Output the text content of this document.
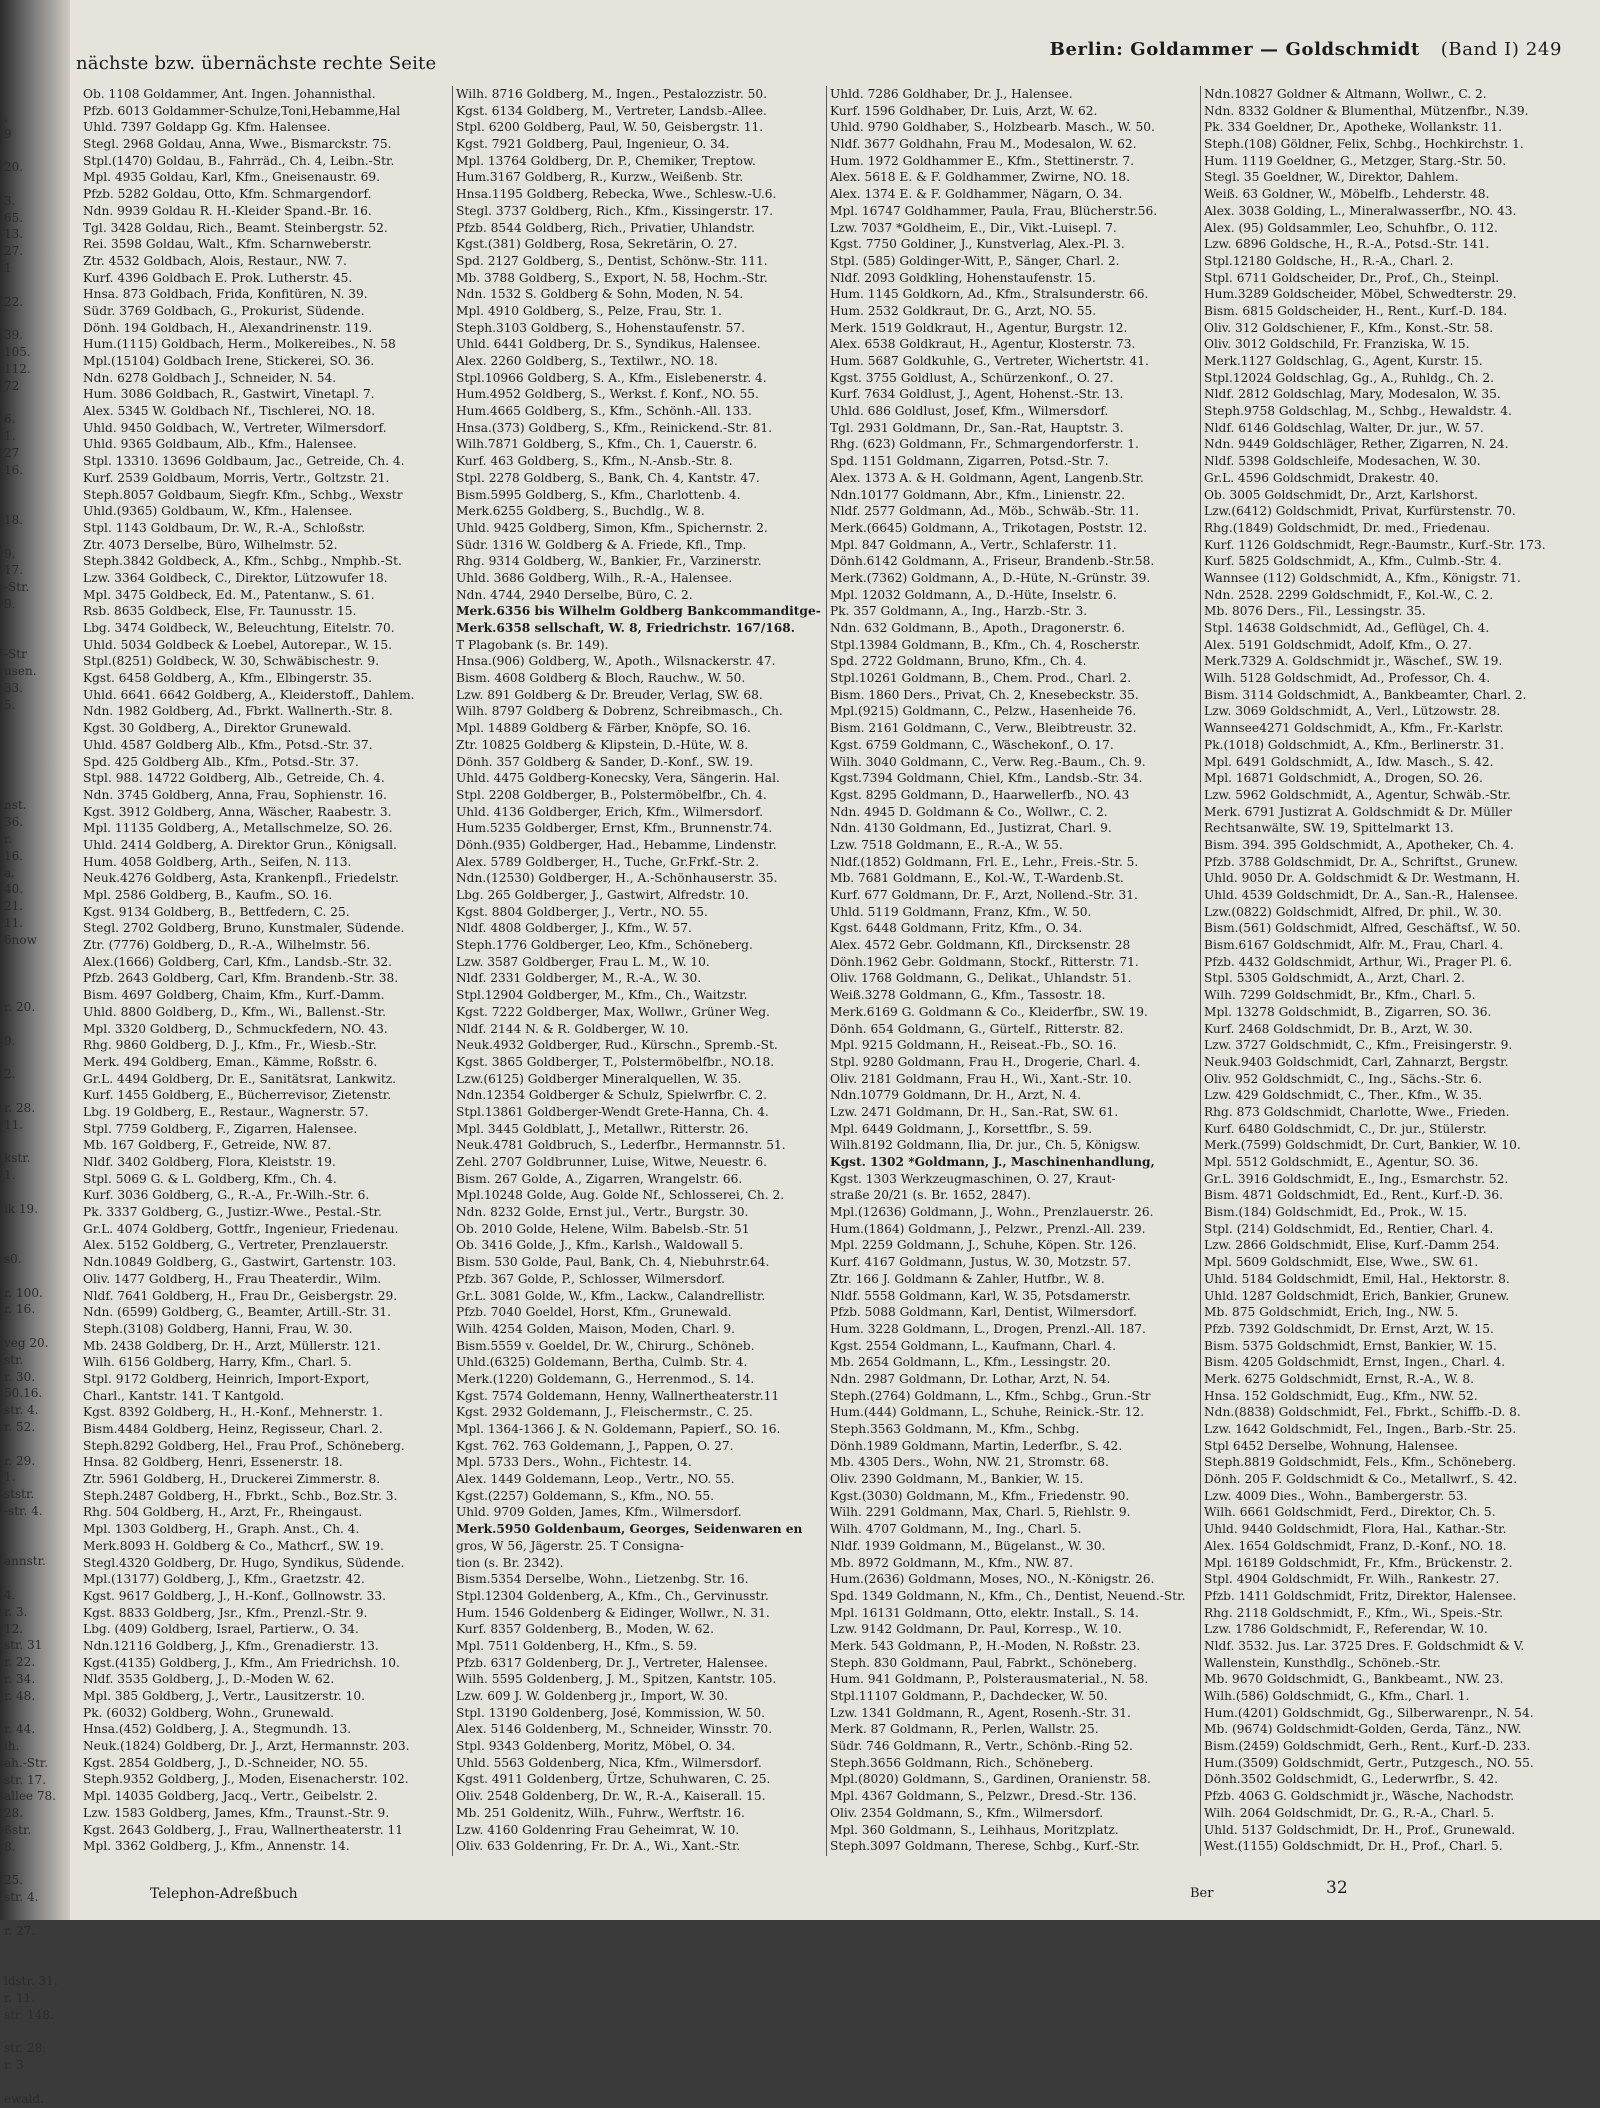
,
9
20.
3.
65.
13.
27.
1
22.
39.
105.
112.
72
6.
1.
27
16.
18.
9.
17.
-Str.
9.
-Str
usen.
33.
5.
nst.
36.
r.
16.
a.
40.
21.
11.
6now
r. 20.
9.
2.
r. 28.
11.
kstr.
1.
ik 19.
s0.
r. 100.
r. 16.
veg 20.
str.
r. 30.
50.16.
str. 4.
r. 52.
r. 29.
1.
ststr.
-str. 4.
annstr.
4.
r. 3.
12.
str. 31
r. 22.
r. 34.
r. 48.
r. 44.
ih.
ah.-Str.
str. 17.
allee 78.
28.
ßstr.
8.
25.
str. 4.
r. 27.
ldstr. 31.
r. 11.
str. 148.
str. 28.
r. 3
ewald.
nächste bzw. übernächste rechte Seite
Berlin: Goldammer — Goldschmidt (Band I) 249
Ob. 1108 Goldammer, Ant. Ingen. Johannisthal.
Pfzb. 6013 Goldammer-Schulze,Toni,Hebamme,Hal
Uhld. 7397 Goldapp Gg. Kfm. Halensee.
Stegl. 2968 Goldau, Anna, Wwe., Bismarckstr. 75.
Stpl.(1470) Goldau, B., Fahrräd., Ch. 4, Leibn.-Str.
Mpl. 4935 Goldau, Karl, Kfm., Gneisenaustr. 69.
Pfzb. 5282 Goldau, Otto, Kfm. Schmargendorf.
Ndn. 9939 Goldau R. H.-Kleider Spand.-Br. 16.
Tgl. 3428 Goldau, Rich., Beamt. Steinbergstr. 52.
Rei. 3598 Goldau, Walt., Kfm. Scharnweberstr.
Ztr. 4532 Goldbach, Alois, Restaur., NW. 7.
Kurf. 4396 Goldbach E. Prok. Lutherstr. 45.
Hnsa. 873 Goldbach, Frida, Konfitüren, N. 39.
Südr. 3769 Goldbach, G., Prokurist, Südende.
Dönh. 194 Goldbach, H., Alexandrinenstr. 119.
Hum.(1115) Goldbach, Herm., Molkereibes., N. 58
Mpl.(15104) Goldbach Irene, Stickerei, SO. 36.
Ndn. 6278 Goldbach J., Schneider, N. 54.
Hum. 3086 Goldbach, R., Gastwirt, Vinetapl. 7.
Alex. 5345 W. Goldbach Nf., Tischlerei, NO. 18.
Uhld. 9450 Goldbach, W., Vertreter, Wilmersdorf.
Uhld. 9365 Goldbaum, Alb., Kfm., Halensee.
Stpl. 13310. 13696 Goldbaum, Jac., Getreide, Ch. 4.
Kurf. 2539 Goldbaum, Morris, Vertr., Goltzstr. 21.
Steph.8057 Goldbaum, Siegfr. Kfm., Schbg., Wexstr
Uhld.(9365) Goldbaum, W., Kfm., Halensee.
Stpl. 1143 Goldbaum, Dr. W., R.-A., Schloßstr.
Ztr. 4073 Derselbe, Büro, Wilhelmstr. 52.
Steph.3842 Goldbeck, A., Kfm., Schbg., Nmphb.-St.
Lzw. 3364 Goldbeck, C., Direktor, Lützowufer 18.
Mpl. 3475 Goldbeck, Ed. M., Patentanw., S. 61.
Rsb. 8635 Goldbeck, Else, Fr. Taunusstr. 15.
Lbg. 3474 Goldbeck, W., Beleuchtung, Eitelstr. 70.
Uhld. 5034 Goldbeck & Loebel, Autorepar., W. 15.
Stpl.(8251) Goldbeck, W. 30, Schwäbischestr. 9.
Kgst. 6458 Goldberg, A., Kfm., Elbingerstr. 35.
Uhld. 6641. 6642 Goldberg, A., Kleiderstoff., Dahlem.
Ndn. 1982 Goldberg, Ad., Fbrkt. Wallnerth.-Str. 8.
Kgst. 30 Goldberg, A., Direktor Grunewald.
Uhld. 4587 Goldberg Alb., Kfm., Potsd.-Str. 37.
Spd. 425 Goldberg Alb., Kfm., Potsd.-Str. 37.
Stpl. 988. 14722 Goldberg, Alb., Getreide, Ch. 4.
Ndn. 3745 Goldberg, Anna, Frau, Sophienstr. 16.
Kgst. 3912 Goldberg, Anna, Wäscher, Raabestr. 3.
Mpl. 11135 Goldberg, A., Metallschmelze, SO. 26.
Uhld. 2414 Goldberg, A. Direktor Grun., Königsall.
Hum. 4058 Goldberg, Arth., Seifen, N. 113.
Neuk.4276 Goldberg, Asta, Krankenpfl., Friedelstr.
Mpl. 2586 Goldberg, B., Kaufm., SO. 16.
Kgst. 9134 Goldberg, B., Bettfedern, C. 25.
Stegl. 2702 Goldberg, Bruno, Kunstmaler, Südende.
Ztr. (7776) Goldberg, D., R.-A., Wilhelmstr. 56.
Alex.(1666) Goldberg, Carl, Kfm., Landsb.-Str. 32.
Pfzb. 2643 Goldberg, Carl, Kfm. Brandenb.-Str. 38.
Bism. 4697 Goldberg, Chaim, Kfm., Kurf.-Damm.
Uhld. 8800 Goldberg, D., Kfm., Wi., Ballenst.-Str.
Mpl. 3320 Goldberg, D., Schmuckfedern, NO. 43.
Rhg. 9860 Goldberg, D. J., Kfm., Fr., Wiesb.-Str.
Merk. 494 Goldberg, Eman., Kämme, Roßstr. 6.
Gr.L. 4494 Goldberg, Dr. E., Sanitätsrat, Lankwitz.
Kurf. 1455 Goldberg, E., Bücherrevisor, Zietenstr.
Lbg. 19 Goldberg, E., Restaur., Wagnerstr. 57.
Stpl. 7759 Goldberg, F., Zigarren, Halensee.
Mb. 167 Goldberg, F., Getreide, NW. 87.
Nldf. 3402 Goldberg, Flora, Kleiststr. 19.
Stpl. 5069 G. & L. Goldberg, Kfm., Ch. 4.
Kurf. 3036 Goldberg, G., R.-A., Fr.-Wilh.-Str. 6.
Pk. 3337 Goldberg, G., Justizr.-Wwe., Pestal.-Str.
Gr.L. 4074 Goldberg, Gottfr., Ingenieur, Friedenau.
Alex. 5152 Goldberg, G., Vertreter, Prenzlauerstr.
Ndn.10849 Goldberg, G., Gastwirt, Gartenstr. 103.
Oliv. 1477 Goldberg, H., Frau Theaterdir., Wilm.
Nldf. 7641 Goldberg, H., Frau Dr., Geisbergstr. 29.
Ndn. (6599) Goldberg, G., Beamter, Artill.-Str. 31.
Steph.(3108) Goldberg, Hanni, Frau, W. 30.
Mb. 2438 Goldberg, Dr. H., Arzt, Müllerstr. 121.
Wilh. 6156 Goldberg, Harry, Kfm., Charl. 5.
Stpl. 9172 Goldberg, Heinrich, Import-Export,
Charl., Kantstr. 141. T Kantgold.
Kgst. 8392 Goldberg, H., H.-Konf., Mehnerstr. 1.
Bism.4484 Goldberg, Heinz, Regisseur, Charl. 2.
Steph.8292 Goldberg, Hel., Frau Prof., Schöneberg.
Hnsa. 82 Goldberg, Henri, Essenerstr. 18.
Ztr. 5961 Goldberg, H., Druckerei Zimmerstr. 8.
Steph.2487 Goldberg, H., Fbrkt., Schb., Boz.Str. 3.
Rhg. 504 Goldberg, H., Arzt, Fr., Rheingaust.
Mpl. 1303 Goldberg, H., Graph. Anst., Ch. 4.
Merk.8093 H. Goldberg & Co., Mathcrf., SW. 19.
Stegl.4320 Goldberg, Dr. Hugo, Syndikus, Südende.
Mpl.(13177) Goldberg, J., Kfm., Graetzstr. 42.
Kgst. 9617 Goldberg, J., H.-Konf., Gollnowstr. 33.
Kgst. 8833 Goldberg, Jsr., Kfm., Prenzl.-Str. 9.
Lbg. (409) Goldberg, Israel, Partierw., O. 34.
Ndn.12116 Goldberg, J., Kfm., Grenadierstr. 13.
Kgst.(4135) Goldberg, J., Kfm., Am Friedrichsh. 10.
Nldf. 3535 Goldberg, J., D.-Moden W. 62.
Mpl. 385 Goldberg, J., Vertr., Lausitzerstr. 10.
Pk. (6032) Goldberg, Wohn., Grunewald.
Hnsa.(452) Goldberg, J. A., Stegmundh. 13.
Neuk.(1824) Goldberg, Dr. J., Arzt, Hermannstr. 203.
Kgst. 2854 Goldberg, J., D.-Schneider, NO. 55.
Steph.9352 Goldberg, J., Moden, Eisenacherstr. 102.
Mpl. 14035 Goldberg, Jacq., Vertr., Geibelstr. 2.
Lzw. 1583 Goldberg, James, Kfm., Traunst.-Str. 9.
Kgst. 2643 Goldberg, J., Frau, Wallnertheaterstr. 11
Mpl. 3362 Goldberg, J., Kfm., Annenstr. 14.
Wilh. 8716 Goldberg, M., Ingen., Pestalozzistr. 50.
Kgst. 6134 Goldberg, M., Vertreter, Landsb.-Allee.
Stpl. 6200 Goldberg, Paul, W. 50, Geisbergstr. 11.
Kgst. 7921 Goldberg, Paul, Ingenieur, O. 34.
Mpl. 13764 Goldberg, Dr. P., Chemiker, Treptow.
Hum.3167 Goldberg, R., Kurzw., Weißenb. Str.
Hnsa.1195 Goldberg, Rebecka, Wwe., Schlesw.-U.6.
Stegl. 3737 Goldberg, Rich., Kfm., Kissingerstr. 17.
Pfzb. 8544 Goldberg, Rich., Privatier, Uhlandstr.
Kgst.(381) Goldberg, Rosa, Sekretärin, O. 27.
Spd. 2127 Goldberg, S., Dentist, Schönw.-Str. 111.
Mb. 3788 Goldberg, S., Export, N. 58, Hochm.-Str.
Ndn. 1532 S. Goldberg & Sohn, Moden, N. 54.
Mpl. 4910 Goldberg, S., Pelze, Frau, Str. 1.
Steph.3103 Goldberg, S., Hohenstaufenstr. 57.
Uhld. 6441 Goldberg, Dr. S., Syndikus, Halensee.
Alex. 2260 Goldberg, S., Textilwr., NO. 18.
Stpl.10966 Goldberg, S. A., Kfm., Eislebenerstr. 4.
Hum.4952 Goldberg, S., Werkst. f. Konf., NO. 55.
Hum.4665 Goldberg, S., Kfm., Schönh.-All. 133.
Hnsa.(373) Goldberg, S., Kfm., Reinickend.-Str. 81.
Wilh.7871 Goldberg, S., Kfm., Ch. 1, Cauerstr. 6.
Kurf. 463 Goldberg, S., Kfm., N.-Ansb.-Str. 8.
Stpl. 2278 Goldberg, S., Bank, Ch. 4, Kantstr. 47.
Bism.5995 Goldberg, S., Kfm., Charlottenb. 4.
Merk.6255 Goldberg, S., Buchdlg., W. 8.
Uhld. 9425 Goldberg, Simon, Kfm., Spichernstr. 2.
Südr. 1316 W. Goldberg & A. Friede, Kfl., Tmp.
Rhg. 9314 Goldberg, W., Bankier, Fr., Varzinerstr.
Uhld. 3686 Goldberg, Wilh., R.-A., Halensee.
Ndn. 4744, 2940 Derselbe, Büro, C. 2.
Merk.6356 bis Wilhelm Goldberg Bankcommanditge-
Merk.6358 sellschaft, W. 8, Friedrichstr. 167/168.
T Plagobank (s. Br. 149).
Hnsa.(906) Goldberg, W., Apoth., Wilsnackerstr. 47.
Bism. 4608 Goldberg & Bloch, Rauchw., W. 50.
Lzw. 891 Goldberg & Dr. Breuder, Verlag, SW. 68.
Wilh. 8797 Goldberg & Dobrenz, Schreibmasch., Ch.
Mpl. 14889 Goldberg & Färber, Knöpfe, SO. 16.
Ztr. 10825 Goldberg & Klipstein, D.-Hüte, W. 8.
Dönh. 357 Goldberg & Sander, D.-Konf., SW. 19.
Uhld. 4475 Goldberg-Konecsky, Vera, Sängerin. Hal.
Stpl. 2208 Goldberger, B., Polstermöbelfbr., Ch. 4.
Uhld. 4136 Goldberger, Erich, Kfm., Wilmersdorf.
Hum.5235 Goldberger, Ernst, Kfm., Brunnenstr.74.
Dönh.(935) Goldberger, Had., Hebamme, Lindenstr.
Alex. 5789 Goldberger, H., Tuche, Gr.Frkf.-Str. 2.
Ndn.(12530) Goldberger, H., A.-Schönhauserstr. 35.
Lbg. 265 Goldberger, J., Gastwirt, Alfredstr. 10.
Kgst. 8804 Goldberger, J., Vertr., NO. 55.
Nldf. 4808 Goldberger, J., Kfm., W. 57.
Steph.1776 Goldberger, Leo, Kfm., Schöneberg.
Lzw. 3587 Goldberger, Frau L. M., W. 10.
Nldf. 2331 Goldberger, M., R.-A., W. 30.
Stpl.12904 Goldberger, M., Kfm., Ch., Waitzstr.
Kgst. 7222 Goldberger, Max, Wollwr., Grüner Weg.
Nldf. 2144 N. & R. Goldberger, W. 10.
Neuk.4932 Goldberger, Rud., Kürschn., Spremb.-St.
Kgst. 3865 Goldberger, T., Polstermöbelfbr., NO.18.
Lzw.(6125) Goldberger Mineralquellen, W. 35.
Ndn.12354 Goldberger & Schulz, Spielwrfbr. C. 2.
Stpl.13861 Goldberger-Wendt Grete-Hanna, Ch. 4.
Mpl. 3445 Goldblatt, J., Metallwr., Ritterstr. 26.
Neuk.4781 Goldbruch, S., Lederfbr., Hermannstr. 51.
Zehl. 2707 Goldbrunner, Luise, Witwe, Neuestr. 6.
Bism. 267 Golde, A., Zigarren, Wrangelstr. 66.
Mpl.10248 Golde, Aug. Golde Nf., Schlosserei, Ch. 2.
Ndn. 8232 Golde, Ernst jul., Vertr., Burgstr. 30.
Ob. 2010 Golde, Helene, Wilm. Babelsb.-Str. 51
Ob. 3416 Golde, J., Kfm., Karlsh., Waldowall 5.
Bism. 530 Golde, Paul, Bank, Ch. 4, Niebuhrstr.64.
Pfzb. 367 Golde, P., Schlosser, Wilmersdorf.
Gr.L. 3081 Golde, W., Kfm., Lackw., Calandrellistr.
Pfzb. 7040 Goeldel, Horst, Kfm., Grunewald.
Wilh. 4254 Golden, Maison, Moden, Charl. 9.
Bism.5559 v. Goeldel, Dr. W., Chirurg., Schöneb.
Uhld.(6325) Goldemann, Bertha, Culmb. Str. 4.
Merk.(1220) Goldemann, G., Herrenmod., S. 14.
Kgst. 7574 Goldemann, Henny, Wallnertheaterstr.11
Kgst. 2932 Goldemann, J., Fleischermstr., C. 25.
Mpl. 1364-1366 J. & N. Goldemann, Papierf., SO. 16.
Kgst. 762. 763 Goldemann, J., Pappen, O. 27.
Mpl. 5733 Ders., Wohn., Fichtestr. 14.
Alex. 1449 Goldemann, Leop., Vertr., NO. 55.
Kgst.(2257) Goldemann, S., Kfm., NO. 55.
Uhld. 9709 Golden, James, Kfm., Wilmersdorf.
Merk.5950 Goldenbaum, Georges, Seidenwaren en
gros, W 56, Jägerstr. 25. T Consigna-
tion (s. Br. 2342).
Bism.5354 Derselbe, Wohn., Lietzenbg. Str. 16.
Stpl.12304 Goldenberg, A., Kfm., Ch., Gervinusstr.
Hum. 1546 Goldenberg & Eidinger, Wollwr., N. 31.
Kurf. 8357 Goldenberg, B., Moden, W. 62.
Mpl. 7511 Goldenberg, H., Kfm., S. 59.
Pfzb. 6317 Goldenberg, Dr. J., Vertreter, Halensee.
Wilh. 5595 Goldenberg, J. M., Spitzen, Kantstr. 105.
Lzw. 609 J. W. Goldenberg jr., Import, W. 30.
Stpl. 13190 Goldenberg, José, Kommission, W. 50.
Alex. 5146 Goldenberg, M., Schneider, Winsstr. 70.
Stpl. 9343 Goldenberg, Moritz, Möbel, O. 34.
Uhld. 5563 Goldenberg, Nica, Kfm., Wilmersdorf.
Kgst. 4911 Goldenberg, Ürtze, Schuhwaren, C. 25.
Oliv. 2548 Goldenberg, Dr. W., R.-A., Kaiserall. 15.
Mb. 251 Goldenitz, Wilh., Fuhrw., Werftstr. 16.
Lzw. 4160 Goldenring Frau Geheimrat, W. 10.
Oliv. 633 Goldenring, Fr. Dr. A., Wi., Xant.-Str.
Uhld. 7286 Goldhaber, Dr. J., Halensee.
Kurf. 1596 Goldhaber, Dr. Luis, Arzt, W. 62.
Uhld. 9790 Goldhaber, S., Holzbearb. Masch., W. 50.
Nldf. 3677 Goldhahn, Frau M., Modesalon, W. 62.
Hum. 1972 Goldhammer E., Kfm., Stettinerstr. 7.
Alex. 5618 E. & F. Goldhammer, Zwirne, NO. 18.
Alex. 1374 E. & F. Goldhammer, Nägarn, O. 34.
Mpl. 16747 Goldhammer, Paula, Frau, Blücherstr.56.
Lzw. 7037 *Goldheim, E., Dir., Vikt.-Luisepl. 7.
Kgst. 7750 Goldiner, J., Kunstverlag, Alex.-Pl. 3.
Stpl. (585) Goldinger-Witt, P., Sänger, Charl. 2.
Nldf. 2093 Goldkling, Hohenstaufenstr. 15.
Hum. 1145 Goldkorn, Ad., Kfm., Stralsunderstr. 66.
Hum. 2532 Goldkraut, Dr. G., Arzt, NO. 55.
Merk. 1519 Goldkraut, H., Agentur, Burgstr. 12.
Alex. 6538 Goldkraut, H., Agentur, Klosterstr. 73.
Hum. 5687 Goldkuhle, G., Vertreter, Wichertstr. 41.
Kgst. 3755 Goldlust, A., Schürzenkonf., O. 27.
Kurf. 7634 Goldlust, J., Agent, Hohenst.-Str. 13.
Uhld. 686 Goldlust, Josef, Kfm., Wilmersdorf.
Tgl. 2931 Goldmann, Dr., San.-Rat, Hauptstr. 3.
Rhg. (623) Goldmann, Fr., Schmargendorferstr. 1.
Spd. 1151 Goldmann, Zigarren, Potsd.-Str. 7.
Alex. 1373 A. & H. Goldmann, Agent, Langenb.Str.
Ndn.10177 Goldmann, Abr., Kfm., Linienstr. 22.
Nldf. 2577 Goldmann, Ad., Möb., Schwäb.-Str. 11.
Merk.(6645) Goldmann, A., Trikotagen, Poststr. 12.
Mpl. 847 Goldmann, A., Vertr., Schlaferstr. 11.
Dönh.6142 Goldmann, A., Friseur, Brandenb.-Str.58.
Merk.(7362) Goldmann, A., D.-Hüte, N.-Grünstr. 39.
Mpl. 12032 Goldmann, A., D.-Hüte, Inselstr. 6.
Pk. 357 Goldmann, A., Ing., Harzb.-Str. 3.
Ndn. 632 Goldmann, B., Apoth., Dragonerstr. 6.
Stpl.13984 Goldmann, B., Kfm., Ch. 4, Roscherstr.
Spd. 2722 Goldmann, Bruno, Kfm., Ch. 4.
Stpl.10261 Goldmann, B., Chem. Prod., Charl. 2.
Bism. 1860 Ders., Privat, Ch. 2, Knesebeckstr. 35.
Mpl.(9215) Goldmann, C., Pelzw., Hasenheide 76.
Bism. 2161 Goldmann, C., Verw., Bleibtreustr. 32.
Kgst. 6759 Goldmann, C., Wäschekonf., O. 17.
Wilh. 3040 Goldmann, C., Verw. Reg.-Baum., Ch. 9.
Kgst.7394 Goldmann, Chiel, Kfm., Landsb.-Str. 34.
Kgst. 8295 Goldmann, D., Haarwellerfb., NO. 43
Ndn. 4945 D. Goldmann & Co., Wollwr., C. 2.
Ndn. 4130 Goldmann, Ed., Justizrat, Charl. 9.
Lzw. 7518 Goldmann, E., R.-A., W. 55.
Nldf.(1852) Goldmann, Frl. E., Lehr., Freis.-Str. 5.
Mb. 7681 Goldmann, E., Kol.-W., T.-Wardenb.St.
Kurf. 677 Goldmann, Dr. F., Arzt, Nollend.-Str. 31.
Uhld. 5119 Goldmann, Franz, Kfm., W. 50.
Kgst. 6448 Goldmann, Fritz, Kfm., O. 34.
Alex. 4572 Gebr. Goldmann, Kfl., Dircksenstr. 28
Dönh.1962 Gebr. Goldmann, Stockf., Ritterstr. 71.
Oliv. 1768 Goldmann, G., Delikat., Uhlandstr. 51.
Weiß.3278 Goldmann, G., Kfm., Tassostr. 18.
Merk.6169 G. Goldmann & Co., Kleiderfbr., SW. 19.
Dönh. 654 Goldmann, G., Gürtelf., Ritterstr. 82.
Mpl. 9215 Goldmann, H., Reiseat.-Fb., SO. 16.
Stpl. 9280 Goldmann, Frau H., Drogerie, Charl. 4.
Oliv. 2181 Goldmann, Frau H., Wi., Xant.-Str. 10.
Ndn.10779 Goldmann, Dr. H., Arzt, N. 4.
Lzw. 2471 Goldmann, Dr. H., San.-Rat, SW. 61.
Mpl. 6449 Goldmann, J., Korsettfbr., S. 59.
Wilh.8192 Goldmann, Ilia, Dr. jur., Ch. 5, Königsw.
Kgst. 1302 *Goldmann, J., Maschinenhandlung,
Kgst. 1303 Werkzeugmaschinen, O. 27, Kraut-
straße 20/21 (s. Br. 1652, 2847).
Mpl.(12636) Goldmann, J., Wohn., Prenzlauerstr. 26.
Hum.(1864) Goldmann, J., Pelzwr., Prenzl.-All. 239.
Mpl. 2259 Goldmann, J., Schuhe, Köpen. Str. 126.
Kurf. 4167 Goldmann, Justus, W. 30, Motzstr. 57.
Ztr. 166 J. Goldmann & Zahler, Hutfbr., W. 8.
Nldf. 5558 Goldmann, Karl, W. 35, Potsdamerstr.
Pfzb. 5088 Goldmann, Karl, Dentist, Wilmersdorf.
Hum. 3228 Goldmann, L., Drogen, Prenzl.-All. 187.
Kgst. 2554 Goldmann, L., Kaufmann, Charl. 4.
Mb. 2654 Goldmann, L., Kfm., Lessingstr. 20.
Ndn. 2987 Goldmann, Dr. Lothar, Arzt, N. 54.
Steph.(2764) Goldmann, L., Kfm., Schbg., Grun.-Str
Hum.(444) Goldmann, L., Schuhe, Reinick.-Str. 12.
Steph.3563 Goldmann, M., Kfm., Schbg.
Dönh.1989 Goldmann, Martin, Lederfbr., S. 42.
Mb. 4305 Ders., Wohn, NW. 21, Stromstr. 68.
Oliv. 2390 Goldmann, M., Bankier, W. 15.
Kgst.(3030) Goldmann, M., Kfm., Friedenstr. 90.
Wilh. 2291 Goldmann, Max, Charl. 5, Riehlstr. 9.
Wilh. 4707 Goldmann, M., Ing., Charl. 5.
Nldf. 1939 Goldmann, M., Bügelanst., W. 30.
Mb. 8972 Goldmann, M., Kfm., NW. 87.
Hum.(2636) Goldmann, Moses, NO., N.-Königstr. 26.
Spd. 1349 Goldmann, N., Kfm., Ch., Dentist, Neuend.-Str.
Mpl. 16131 Goldmann, Otto, elektr. Install., S. 14.
Lzw. 9142 Goldmann, Dr. Paul, Korresp., W. 10.
Merk. 543 Goldmann, P., H.-Moden, N. Roßstr. 23.
Steph. 830 Goldmann, Paul, Fabrkt., Schöneberg.
Hum. 941 Goldmann, P., Polsterausmaterial., N. 58.
Stpl.11107 Goldmann, P., Dachdecker, W. 50.
Lzw. 1341 Goldmann, R., Agent, Rosenh.-Str. 31.
Merk. 87 Goldmann, R., Perlen, Wallstr. 25.
Südr. 746 Goldmann, R., Vertr., Schönb.-Ring 52.
Steph.3656 Goldmann, Rich., Schöneberg.
Mpl.(8020) Goldmann, S., Gardinen, Oranienstr. 58.
Mpl. 4367 Goldmann, S., Pelzwr., Dresd.-Str. 136.
Oliv. 2354 Goldmann, S., Kfm., Wilmersdorf.
Mpl. 360 Goldmann, S., Leihhaus, Moritzplatz.
Steph.3097 Goldmann, Therese, Schbg., Kurf.-Str.
Ndn.10827 Goldner & Altmann, Wollwr., C. 2.
Ndn. 8332 Goldner & Blumenthal, Mützenfbr., N.39.
Pk. 334 Goeldner, Dr., Apotheke, Wollankstr. 11.
Steph.(108) Göldner, Felix, Schbg., Hochkirchstr. 1.
Hum. 1119 Goeldner, G., Metzger, Starg.-Str. 50.
Stegl. 35 Goeldner, W., Direktor, Dahlem.
Weiß. 63 Goldner, W., Möbelfb., Lehderstr. 48.
Alex. 3038 Golding, L., Mineralwasserfbr., NO. 43.
Alex. (95) Goldsammler, Leo, Schuhfbr., O. 112.
Lzw. 6896 Goldsche, H., R.-A., Potsd.-Str. 141.
Stpl.12180 Goldsche, H., R.-A., Charl. 2.
Stpl. 6711 Goldscheider, Dr., Prof., Ch., Steinpl.
Hum.3289 Goldscheider, Möbel, Schwedterstr. 29.
Bism. 6815 Goldscheider, H., Rent., Kurf.-D. 184.
Oliv. 312 Goldschiener, F., Kfm., Konst.-Str. 58.
Oliv. 3012 Goldschild, Fr. Franziska, W. 15.
Merk.1127 Goldschlag, G., Agent, Kurstr. 15.
Stpl.12024 Goldschlag, Gg., A., Ruhldg., Ch. 2.
Nldf. 2812 Goldschlag, Mary, Modesalon, W. 35.
Steph.9758 Goldschlag, M., Schbg., Hewaldstr. 4.
Nldf. 6146 Goldschlag, Walter, Dr. jur., W. 57.
Ndn. 9449 Goldschläger, Rether, Zigarren, N. 24.
Nldf. 5398 Goldschleife, Modesachen, W. 30.
Gr.L. 4596 Goldschmidt, Drakestr. 40.
Ob. 3005 Goldschmidt, Dr., Arzt, Karlshorst.
Lzw.(6412) Goldschmidt, Privat, Kurfürstenstr. 70.
Rhg.(1849) Goldschmidt, Dr. med., Friedenau.
Kurf. 1126 Goldschmidt, Regr.-Baumstr., Kurf.-Str. 173.
Kurf. 5825 Goldschmidt, A., Kfm., Culmb.-Str. 4.
Wannsee (112) Goldschmidt, A., Kfm., Königstr. 71.
Ndn. 2528. 2299 Goldschmidt, F., Kol.-W., C. 2.
Mb. 8076 Ders., Fil., Lessingstr. 35.
Stpl. 14638 Goldschmidt, Ad., Geflügel, Ch. 4.
Alex. 5191 Goldschmidt, Adolf, Kfm., O. 27.
Merk.7329 A. Goldschmidt jr., Wäschef., SW. 19.
Wilh. 5128 Goldschmidt, Ad., Professor, Ch. 4.
Bism. 3114 Goldschmidt, A., Bankbeamter, Charl. 2.
Lzw. 3069 Goldschmidt, A., Verl., Lützowstr. 28.
Wannsee4271 Goldschmidt, A., Kfm., Fr.-Karlstr.
Pk.(1018) Goldschmidt, A., Kfm., Berlinerstr. 31.
Mpl. 6491 Goldschmidt, A., Idw. Masch., S. 42.
Mpl. 16871 Goldschmidt, A., Drogen, SO. 26.
Lzw. 5962 Goldschmidt, A., Agentur, Schwäb.-Str.
Merk. 6791 Justizrat A. Goldschmidt & Dr. Müller
Rechtsanwälte, SW. 19, Spittelmarkt 13.
Bism. 394. 395 Goldschmidt, A., Apotheker, Ch. 4.
Pfzb. 3788 Goldschmidt, Dr. A., Schriftst., Grunew.
Uhld. 9050 Dr. A. Goldschmidt & Dr. Westmann, H.
Uhld. 4539 Goldschmidt, Dr. A., San.-R., Halensee.
Lzw.(0822) Goldschmidt, Alfred, Dr. phil., W. 30.
Bism.(561) Goldschmidt, Alfred, Geschäftsf., W. 50.
Bism.6167 Goldschmidt, Alfr. M., Frau, Charl. 4.
Pfzb. 4432 Goldschmidt, Arthur, Wi., Prager Pl. 6.
Stpl. 5305 Goldschmidt, A., Arzt, Charl. 2.
Wilh. 7299 Goldschmidt, Br., Kfm., Charl. 5.
Mpl. 13278 Goldschmidt, B., Zigarren, SO. 36.
Kurf. 2468 Goldschmidt, Dr. B., Arzt, W. 30.
Lzw. 3727 Goldschmidt, C., Kfm., Freisingerstr. 9.
Neuk.9403 Goldschmidt, Carl, Zahnarzt, Bergstr.
Oliv. 952 Goldschmidt, C., Ing., Sächs.-Str. 6.
Lzw. 429 Goldschmidt, C., Ther., Kfm., W. 35.
Rhg. 873 Goldschmidt, Charlotte, Wwe., Frieden.
Kurf. 6480 Goldschmidt, C., Dr. jur., Stülerstr.
Merk.(7599) Goldschmidt, Dr. Curt, Bankier, W. 10.
Mpl. 5512 Goldschmidt, E., Agentur, SO. 36.
Gr.L. 3916 Goldschmidt, E., Ing., Esmarchstr. 52.
Bism. 4871 Goldschmidt, Ed., Rent., Kurf.-D. 36.
Bism.(184) Goldschmidt, Ed., Prok., W. 15.
Stpl. (214) Goldschmidt, Ed., Rentier, Charl. 4.
Lzw. 2866 Goldschmidt, Elise, Kurf.-Damm 254.
Mpl. 5609 Goldschmidt, Else, Wwe., SW. 61.
Uhld. 5184 Goldschmidt, Emil, Hal., Hektorstr. 8.
Uhld. 1287 Goldschmidt, Erich, Bankier, Grunew.
Mb. 875 Goldschmidt, Erich, Ing., NW. 5.
Pfzb. 7392 Goldschmidt, Dr. Ernst, Arzt, W. 15.
Bism. 5375 Goldschmidt, Ernst, Bankier, W. 15.
Bism. 4205 Goldschmidt, Ernst, Ingen., Charl. 4.
Merk. 6275 Goldschmidt, Ernst, R.-A., W. 8.
Hnsa. 152 Goldschmidt, Eug., Kfm., NW. 52.
Ndn.(8838) Goldschmidt, Fel., Fbrkt., Schiffb.-D. 8.
Lzw. 1642 Goldschmidt, Fel., Ingen., Barb.-Str. 25.
Stpl 6452 Derselbe, Wohnung, Halensee.
Steph.8819 Goldschmidt, Fels., Kfm., Schöneberg.
Dönh. 205 F. Goldschmidt & Co., Metallwrf., S. 42.
Lzw. 4009 Dies., Wohn., Bambergerstr. 53.
Wilh. 6661 Goldschmidt, Ferd., Direktor, Ch. 5.
Uhld. 9440 Goldschmidt, Flora, Hal., Kathar.-Str.
Alex. 1654 Goldschmidt, Franz, D.-Konf., NO. 18.
Mpl. 16189 Goldschmidt, Fr., Kfm., Brückenstr. 2.
Stpl. 4904 Goldschmidt, Fr. Wilh., Rankestr. 27.
Pfzb. 1411 Goldschmidt, Fritz, Direktor, Halensee.
Rhg. 2118 Goldschmidt, F., Kfm., Wi., Speis.-Str.
Lzw. 1786 Goldschmidt, F., Referendar, W. 10.
Nldf. 3532. Jus. Lar. 3725 Dres. F. Goldschmidt & V.
Wallenstein, Kunsthdlg., Schöneb.-Str.
Mb. 9670 Goldschmidt, G., Bankbeamt., NW. 23.
Wilh.(586) Goldschmidt, G., Kfm., Charl. 1.
Hum.(4201) Goldschmidt, Gg., Silberwarenpr., N. 54.
Mb. (9674) Goldschmidt-Golden, Gerda, Tänz., NW.
Bism.(2459) Goldschmidt, Gerh., Rent., Kurf.-D. 233.
Hum.(3509) Goldschmidt, Gertr., Putzgesch., NO. 55.
Dönh.3502 Goldschmidt, G., Lederwrfbr., S. 42.
Pfzb. 4063 G. Goldschmidt jr., Wäsche, Nachodstr.
Wilh. 2064 Goldschmidt, Dr. G., R.-A., Charl. 5.
Uhld. 5137 Goldschmidt, Dr. H., Prof., Grunewald.
West.(1155) Goldschmidt, Dr. H., Prof., Charl. 5.
Telephon-Adreßbuch	Ber	32
